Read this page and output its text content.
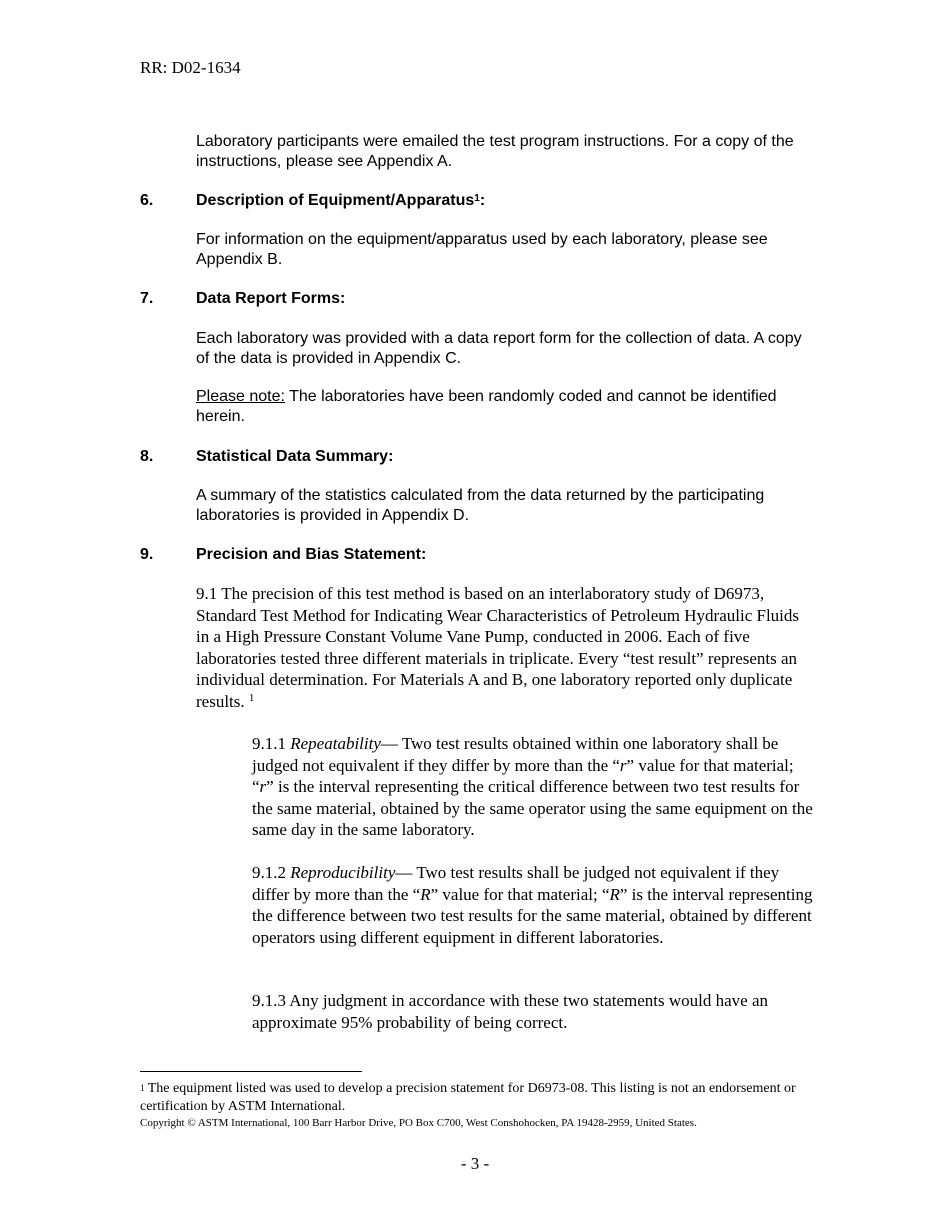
RR: D02-1634
Laboratory participants were emailed the test program instructions. For a copy of the instructions, please see Appendix A.
6.	Description of Equipment/Apparatus$^1$:
For information on the equipment/apparatus used by each laboratory, please see Appendix B.
7.	Data Report Forms:
Each laboratory was provided with a data report form for the collection of data. A copy of the data is provided in Appendix C.
Please note: The laboratories have been randomly coded and cannot be identified herein.
8.	Statistical Data Summary:
A summary of the statistics calculated from the data returned by the participating laboratories is provided in Appendix D.
9.	Precision and Bias Statement:
9.1 The precision of this test method is based on an interlaboratory study of D6973, Standard Test Method for Indicating Wear Characteristics of Petroleum Hydraulic Fluids in a High Pressure Constant Volume Vane Pump, conducted in 2006. Each of five laboratories tested three different materials in triplicate. Every “test result” represents an individual determination. For Materials A and B, one laboratory reported only duplicate results. $^1$
9.1.1 Repeatability— Two test results obtained within one laboratory shall be judged not equivalent if they differ by more than the “r” value for that material; “r” is the interval representing the critical difference between two test results for the same material, obtained by the same operator using the same equipment on the same day in the same laboratory.
9.1.2 Reproducibility— Two test results shall be judged not equivalent if they differ by more than the “R” value for that material; “R” is the interval representing the difference between two test results for the same material, obtained by different operators using different equipment in different laboratories.
9.1.3 Any judgment in accordance with these two statements would have an approximate 95% probability of being correct.
$^1$ The equipment listed was used to develop a precision statement for D6973-08. This listing is not an endorsement or certification by ASTM International.
Copyright © ASTM International, 100 Barr Harbor Drive, PO Box C700, West Conshohocken, PA 19428-2959, United States.
- 3 -
